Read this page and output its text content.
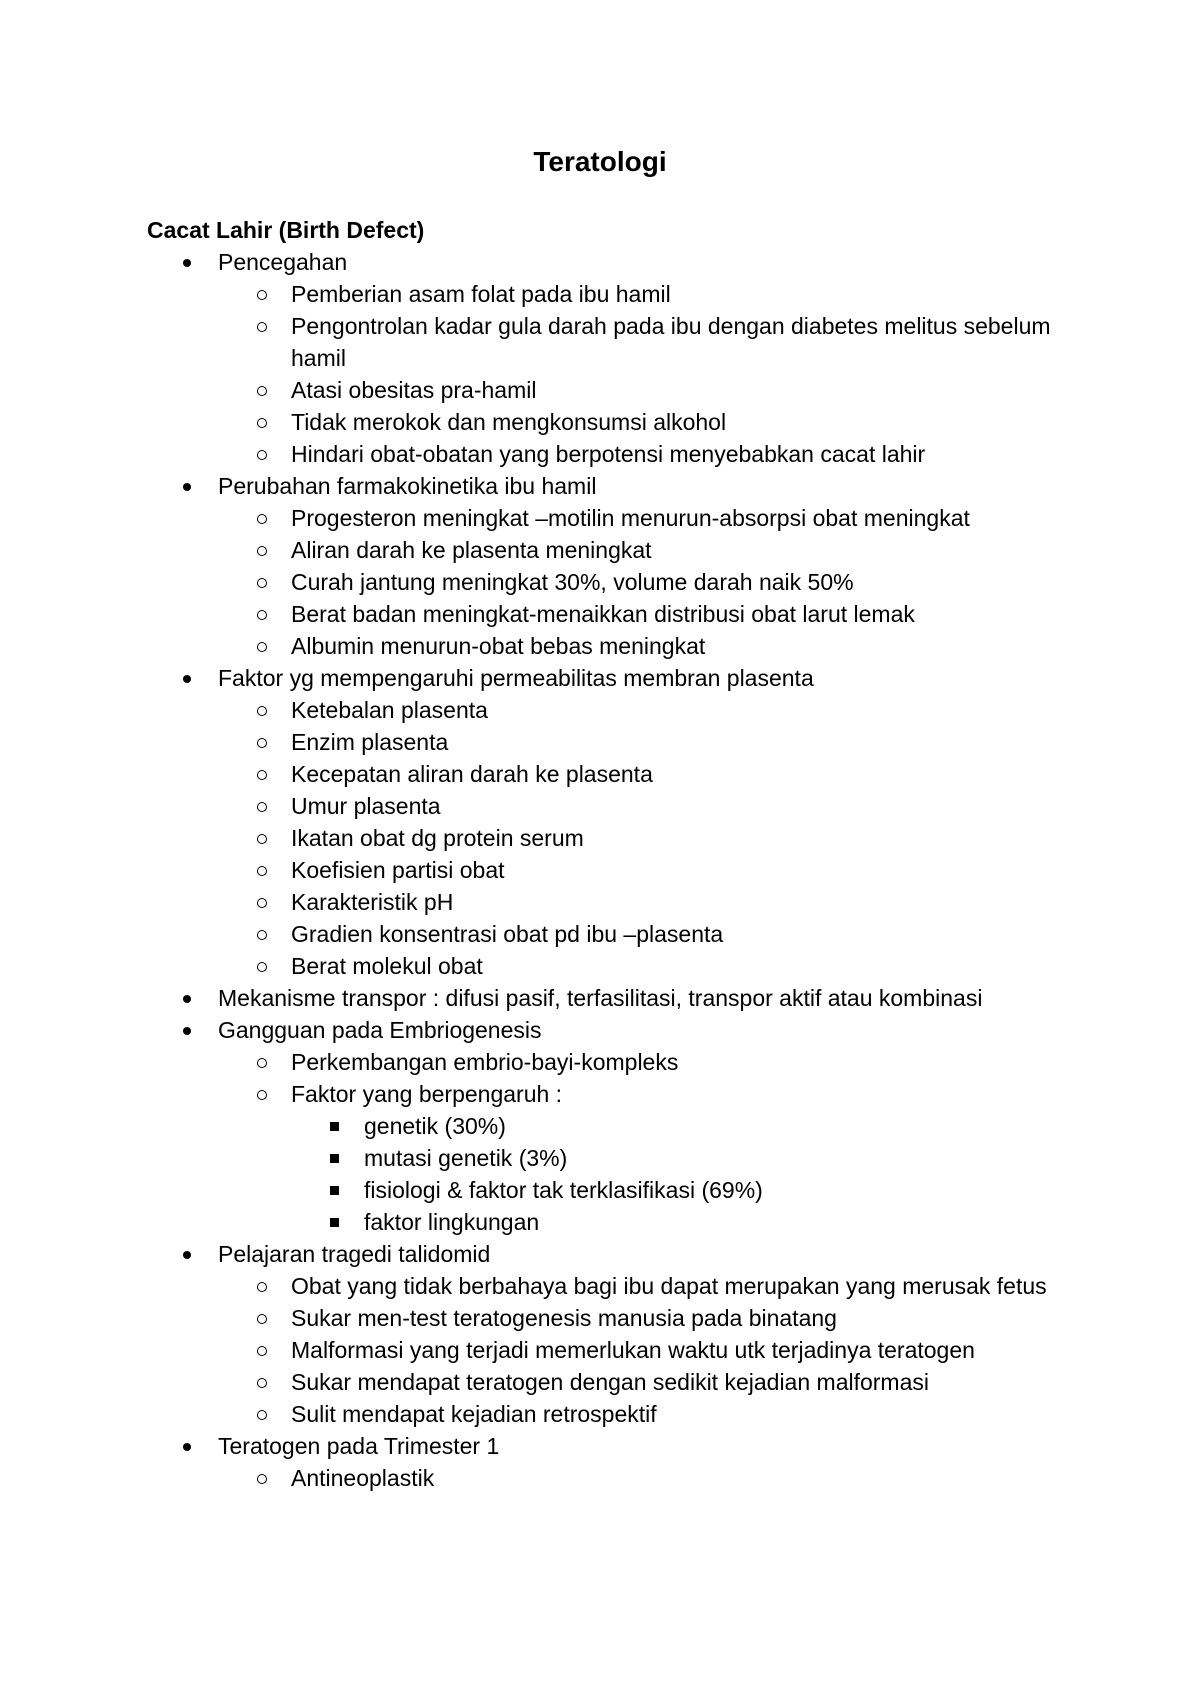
Teratologi
Cacat Lahir (Birth Defect)
Pencegahan
Pemberian asam folat pada ibu hamil
Pengontrolan kadar gula darah pada ibu dengan diabetes melitus sebelum hamil
Atasi obesitas pra-hamil
Tidak merokok dan mengkonsumsi alkohol
Hindari obat-obatan yang berpotensi menyebabkan cacat lahir
Perubahan farmakokinetika ibu hamil
Progesteron meningkat –motilin menurun-absorpsi obat meningkat
Aliran darah ke plasenta meningkat
Curah jantung meningkat 30%, volume darah naik 50%
Berat badan meningkat-menaikkan distribusi obat larut lemak
Albumin menurun-obat bebas meningkat
Faktor yg mempengaruhi permeabilitas membran plasenta
Ketebalan plasenta
Enzim plasenta
Kecepatan aliran darah ke plasenta
Umur plasenta
Ikatan obat dg protein serum
Koefisien partisi obat
Karakteristik pH
Gradien konsentrasi obat pd ibu –plasenta
Berat molekul obat
Mekanisme transpor : difusi pasif, terfasilitasi, transpor aktif atau kombinasi
Gangguan pada Embriogenesis
Perkembangan embrio-bayi-kompleks
Faktor yang berpengaruh :
genetik (30%)
mutasi genetik (3%)
fisiologi & faktor tak terklasifikasi (69%)
faktor lingkungan
Pelajaran tragedi talidomid
Obat yang tidak berbahaya bagi ibu dapat merupakan yang merusak fetus
Sukar men-test teratogenesis manusia pada binatang
Malformasi yang terjadi memerlukan waktu utk terjadinya teratogen
Sukar mendapat teratogen dengan sedikit kejadian malformasi
Sulit mendapat kejadian retrospektif
Teratogen pada Trimester 1
Antineoplastik
